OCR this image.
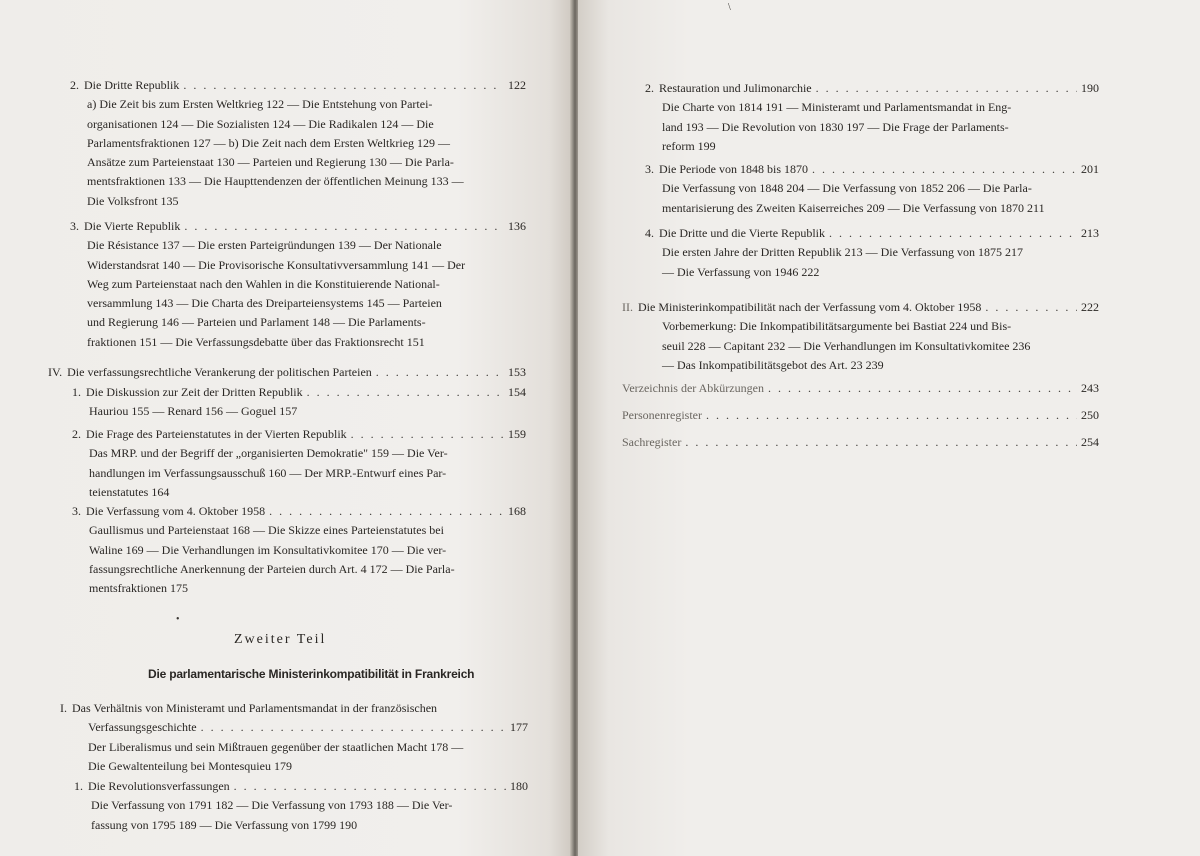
2. Die Dritte Republik . . .	122
a) Die Zeit bis zum Ersten Weltkrieg 122 — Die Entstehung von Partei-
organisationen 124 — Die Sozialisten 124 — Die Radikalen 124 — Die
Parlamentsfraktionen 127 — b) Die Zeit nach dem Ersten Weltkrieg 129 —
Ansätze zum Parteienstaat 130 — Parteien und Regierung 130 — Die Parla-
mentsfraktionen 133 — Die Haupttendenzen der öffentlichen Meinung 133 —
Die Volksfront 135
3. Die Vierte Republik . . .	136
Die Résistance 137 — Die ersten Parteigründungen 139 — Der Nationale
Widerstandsrat 140 — Die Provisorische Konsultativversammlung 141 — Der
Weg zum Parteienstaat nach den Wahlen in die Konstituierende National-
versammlung 143 — Die Charta des Dreiparteiensystems 145 — Parteien
und Regierung 146 — Parteien und Parlament 148 — Die Parlaments-
fraktionen 151 — Die Verfassungsdebatte über das Fraktionsrecht 151
IV. Die verfassungsrechtliche Verankerung der politischen Parteien . . .	153
1. Die Diskussion zur Zeit der Dritten Republik . . .	154
Hauriou 155 — Renard 156 — Goguel 157
2. Die Frage des Parteienstatutes in der Vierten Republik . . .	159
Das MRP. und der Begriff der „organisierten Demokratie" 159 — Die Ver-
handlungen im Verfassungsausschuß 160 — Der MRP.-Entwurf eines Par-
teienstatutes 164
3. Die Verfassung vom 4. Oktober 1958 . . .	168
Gaullismus und Parteienstaat 168 — Die Skizze eines Parteienstatutes bei
Waline 169 — Die Verhandlungen im Konsultativkomitee 170 — Die ver-
fassungsrechtliche Anerkennung der Parteien durch Art. 4 172 — Die Parla-
mentsfraktionen 175
•
Zweiter Teil
Die parlamentarische Ministerinkompatibilität in Frankreich
I. Das Verhältnis von Ministeramt und Parlamentsmandat in der französischen
Verfassungsgeschichte . . .	177
Der Liberalismus und sein Mißtrauen gegenüber der staatlichen Macht 178 —
Die Gewaltenteilung bei Montesquieu 179
1. Die Revolutionsverfassungen . . .	180
Die Verfassung von 1791 182 — Die Verfassung von 1793 188 — Die Ver-
fassung von 1795 189 — Die Verfassung von 1799 190
\
2. Restauration und Julimonarchie . . .	190
Die Charte von 1814 191 — Ministeramt und Parlamentsmandat in Eng-
land 193 — Die Revolution von 1830 197 — Die Frage der Parlaments-
reform 199
3. Die Periode von 1848 bis 1870 . . .	201
Die Verfassung von 1848 204 — Die Verfassung von 1852 206 — Die Parla-
mentarisierung des Zweiten Kaiserreiches 209 — Die Verfassung von 1870 211
4. Die Dritte und die Vierte Republik . . .	213
Die ersten Jahre der Dritten Republik 213 — Die Verfassung von 1875 217
— Die Verfassung von 1946 222
II. Die Ministerinkompatibilität nach der Verfassung vom 4. Oktober 1958 . . .	222
Vorbemerkung: Die Inkompatibilitätsargumente bei Bastiat 224 und Bis-
seuil 228 — Capitant 232 — Die Verhandlungen im Konsultativkomitee 236
— Das Inkompatibilitätsgebot des Art. 23 239
Verzeichnis der Abkürzungen . . .	243
Personenregister . . .	250
Sachregister . . .	254
